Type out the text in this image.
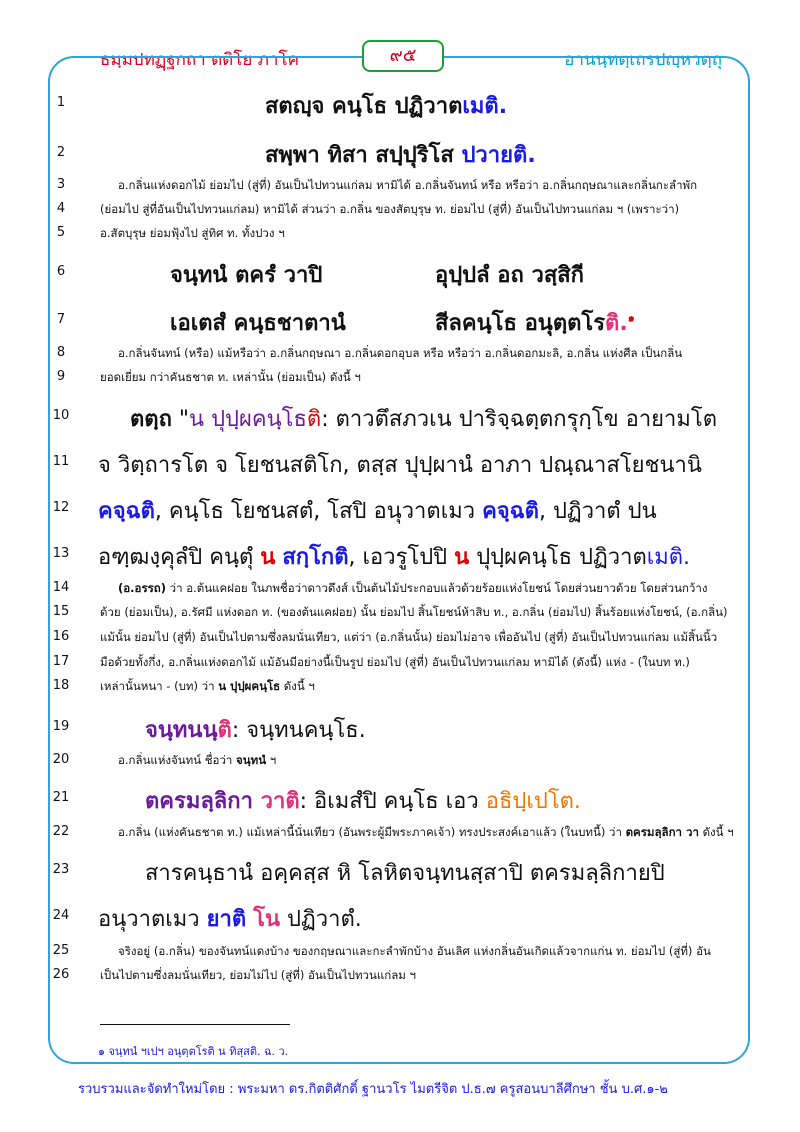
ธมฺมปทฏฺฐกถา ตติโย ภาโค	๙๕	อานนฺทตฺเถรปญฺหวตฺถุ
1
2
3
4
5
6
7
8
9
10
11
12
13
14
15
16
17
18
19
20
21
22
23
24
25
26
สตญฺจ คนฺโธ ปฏิวาตเมติ.
สพฺพา ทิสา สปฺปุริโส ปวายติ.
อ.กลิ่นแห่งดอกไม้ ย่อมไป (สู่ที่) อันเป็นไปทวนแก่ลม หามิได้ อ.กลิ่นจันทน์ หรือ หรือว่า อ.กลิ่นกฤษณาและกลิ่นกะลำพัก
(ย่อมไป สู่ที่อันเป็นไปทวนแก่ลม) หามิได้ ส่วนว่า อ.กลิ่น ของสัตบุรุษ ท. ย่อมไป (สู่ที่) อันเป็นไปทวนแก่ลม ฯ (เพราะว่า)
อ.สัตบุรุษ ย่อมฟุ้งไป สู่ทิศ ท. ทั้งปวง ฯ
จนฺทนํ ตครํ วาปิ	อุปฺปลํ อถ วสฺสิกี
เอเตสํ คนฺธชาตานํ	สีลคนฺโธ อนุตฺตโรติ.$^๑$
อ.กลิ่นจันทน์ (หรือ) แม้หรือว่า อ.กลิ่นกฤษณา อ.กลิ่นดอกอุบล หรือ หรือว่า อ.กลิ่นดอกมะลิ, อ.กลิ่น แห่งศีล เป็นกลิ่น
ยอดเยี่ยม กว่าคันธชาต ท. เหล่านั้น (ย่อมเป็น) ดังนี้ ฯ
ตตฺถ "น ปุปฺผคนฺโธติ: ตาวตึสภวเน ปาริจฺฉตฺตกรุกฺโข อายามโต
จ วิตฺถารโต จ โยชนสติโก, ตสฺส ปุปฺผานํ อาภา ปณฺณาสโยชนานิ
คจฺฉติ, คนฺโธ โยชนสตํ, โสปิ อนุวาตเมว คจฺฉติ, ปฏิวาตํ ปน
อฑฺฒงฺคุลํปิ คนฺตุํ น สกฺโกติ, เอวรูโปปิ น ปุปฺผคนฺโธ ปฏิวาตเมติ.
(อ.อรรถ) ว่า อ.ต้นแคฝอย ในภพชื่อว่าดาวดึงส์ เป็นต้นไม้ประกอบแล้วด้วยร้อยแห่งโยชน์ โดยส่วนยาวด้วย โดยส่วนกว้าง
ด้วย (ย่อมเป็น), อ.รัศมี แห่งดอก ท. (ของต้นแคฝอย) นั้น ย่อมไป สิ้นโยชน์ห้าสิบ ท., อ.กลิ่น (ย่อมไป) สิ้นร้อยแห่งโยชน์, (อ.กลิ่น)
แม้นั้น ย่อมไป (สู่ที่) อันเป็นไปตามซึ่งลมนั่นเทียว, แต่ว่า (อ.กลิ่นนั้น) ย่อมไม่อาจ เพื่ออันไป (สู่ที่) อันเป็นไปทวนแก่ลม แม้สิ้นนิ้ว
มือด้วยทั้งกึ่ง, อ.กลิ่นแห่งดอกไม้ แม้อันมีอย่างนี้เป็นรูป ย่อมไป (สู่ที่) อันเป็นไปทวนแก่ลม หามิได้ (ดังนี้) แห่ง - (ในบท ท.)
เหล่านั้นหนา - (บท) ว่า น ปุปฺผคนฺโธ ดังนี้ ฯ
จนฺทนนฺติ: จนฺทนคนฺโธ.
อ.กลิ่นแห่งจันทน์ ชื่อว่า จนฺทนํ ฯ
ตครมลฺลิกา วาติ: อิเมสํปิ คนฺโธ เอว อธิปฺเปโต.
อ.กลิ่น (แห่งคันธชาต ท.) แม้เหล่านี้นั่นเทียว (อันพระผู้มีพระภาคเจ้า) ทรงประสงค์เอาแล้ว (ในบทนี้) ว่า ตครมลฺลิกา วา ดังนี้ ฯ
สารคนฺธานํ อคฺคสฺส หิ โลหิตจนฺทนสฺสาปิ ตครมลฺลิกายปิ
อนุวาตเมว ยาติ โน ปฏิวาตํ.
จริงอยู่ (อ.กลิ่น) ของจันทน์แดงบ้าง ของกฤษณาและกะลำพักบ้าง อันเลิศ แห่งกลิ่นอันเกิดแล้วจากแก่น ท. ย่อมไป (สู่ที่) อัน
เป็นไปตามซึ่งลมนั่นเทียว, ย่อมไม่ไป (สู่ที่) อันเป็นไปทวนแก่ลม ฯ
๑ จนฺทนํ ฯเปฯ อนุตฺตโรติ น ทิสฺสติ. ฉ. ว.
รวบรวมและจัดทำใหม่โดย : พระมหา ดร.กิตติศักดิ์ ฐานวโร ไมตรีจิต ป.ธ.๗ ครูสอนบาลีศึกษา ชั้น บ.ศ.๑-๒
